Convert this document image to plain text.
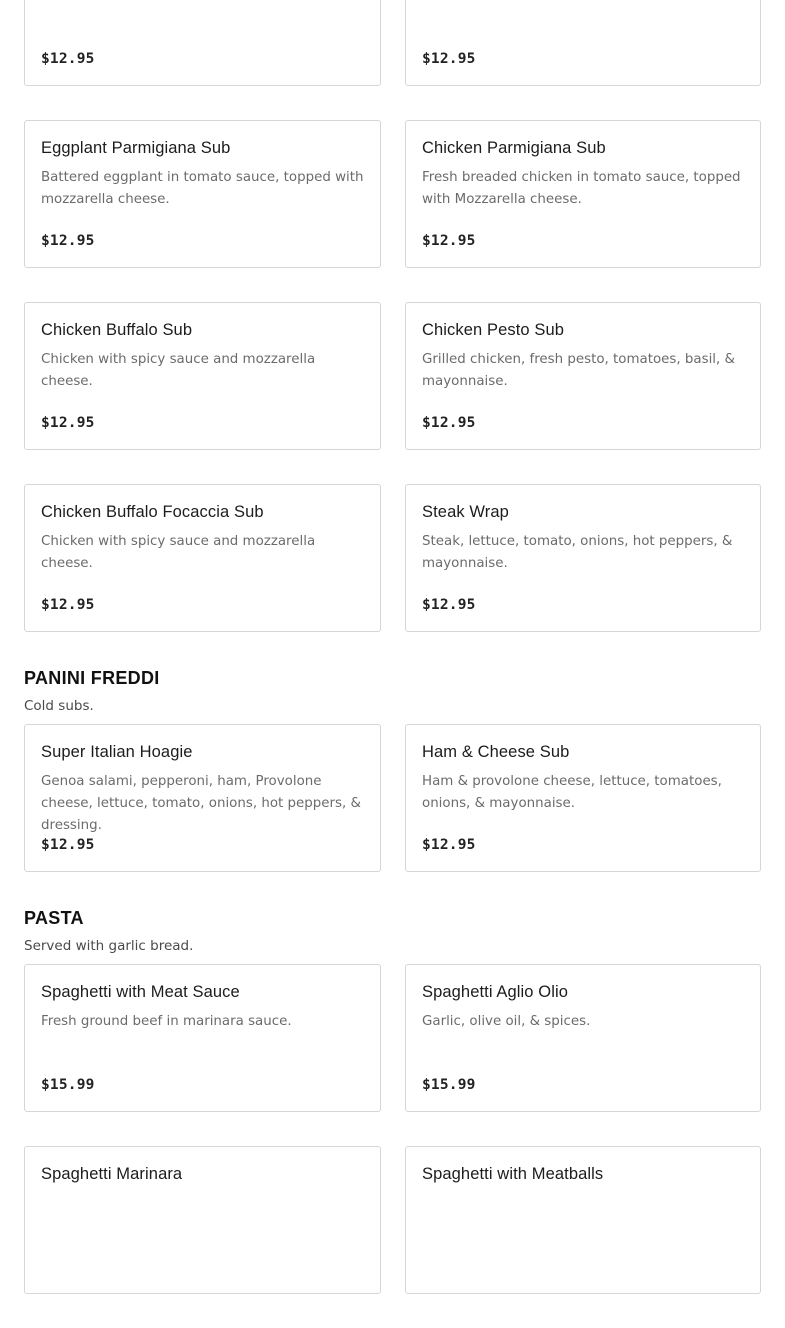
$12.95	$12.95
Eggplant Parmigiana Sub
Battered eggplant in tomato sauce, topped with mozzarella cheese.
$12.95
Chicken Parmigiana Sub
Fresh breaded chicken in tomato sauce, topped with Mozzarella cheese.
$12.95
Chicken Buffalo Sub
Chicken with spicy sauce and mozzarella cheese.
$12.95
Chicken Pesto Sub
Grilled chicken, fresh pesto, tomatoes, basil, & mayonnaise.
$12.95
Chicken Buffalo Focaccia Sub
Chicken with spicy sauce and mozzarella cheese.
$12.95
Steak Wrap
Steak, lettuce, tomato, onions, hot peppers, & mayonnaise.
$12.95
PANINI FREDDI
Cold subs.
Super Italian Hoagie
Genoa salami, pepperoni, ham, Provolone cheese, lettuce, tomato, onions, hot peppers, & dressing.
$12.95
Ham & Cheese Sub
Ham & provolone cheese, lettuce, tomatoes, onions, & mayonnaise.
$12.95
PASTA
Served with garlic bread.
Spaghetti with Meat Sauce
Fresh ground beef in marinara sauce.
$15.99
Spaghetti Aglio Olio
Garlic, olive oil, & spices.
$15.99
Spaghetti Marinara	Spaghetti with Meatballs
